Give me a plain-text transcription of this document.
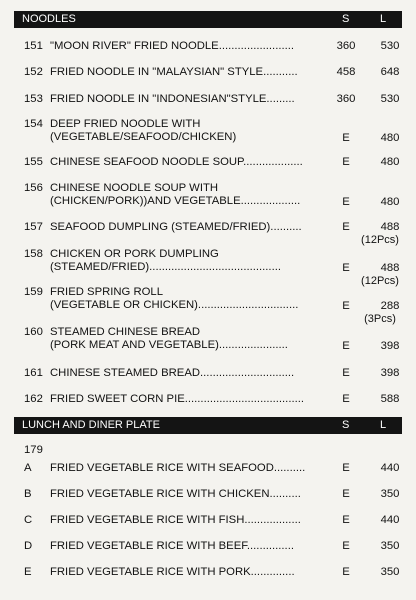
NOODLES	S	L
151 "MOON RIVER" FRIED NOODLE........................	360	530
152 FRIED NOODLE IN "MALAYSIAN" STYLE...........	458	648
153 FRIED NOODLE IN "INDONESIAN"STYLE.........	360	530
154 DEEP FRIED NOODLE WITH
(VEGETABLE/SEAFOOD/CHICKEN)	E	480
155 CHINESE SEAFOOD NOODLE SOUP...................	E	480
156 CHINESE NOODLE SOUP WITH
(CHICKEN/PORK))AND VEGETABLE...................	E	480
157 SEAFOOD DUMPLING (STEAMED/FRIED)..........	E	488
(12Pcs)
158 CHICKEN OR PORK DUMPLING
(STEAMED/FRIED)..........................................	E	488
(12Pcs)
159 FRIED SPRING ROLL
(VEGETABLE OR CHICKEN)................................	E	288
(3Pcs)
160 STEAMED CHINESE BREAD
(PORK MEAT AND VEGETABLE)......................	E	398
161 CHINESE STEAMED BREAD..............................	E	398
162 FRIED SWEET CORN PIE......................................	E	588
LUNCH AND DINER PLATE	S	L
179
A FRIED VEGETABLE RICE WITH SEAFOOD..........	E	440
B FRIED VEGETABLE RICE WITH CHICKEN..........	E	350
C FRIED VEGETABLE RICE WITH FISH..................	E	440
D FRIED VEGETABLE RICE WITH BEEF...............	E	350
E FRIED VEGETABLE RICE WITH PORK..............	E	350
